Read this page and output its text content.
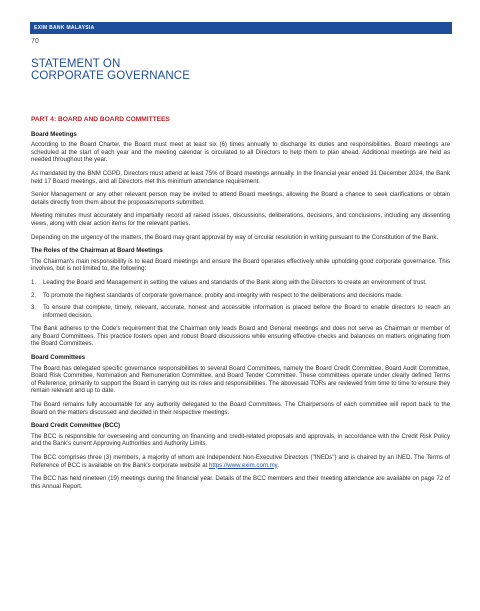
EXIM BANK MALAYSIA
70
STATEMENT ON
CORPORATE GOVERNANCE
PART 4: BOARD AND BOARD COMMITTEES
Board Meetings

According to the Board Charter, the Board must meet at least six (6) times annually to discharge its duties and responsibilities. Board meetings are scheduled at the start of each year and the meeting calendar is circulated to all Directors to help them to plan ahead. Additional meetings are held as needed throughout the year.

As mandated by the BNM CGPD, Directors must attend at least 75% of Board meetings annually. In the financial year ended 31 December 2024, the Bank held 17 Board meetings, and all Directors met this minimum attendance requirement.

Senior Management or any other relevant person may be invited to attend Board meetings, allowing the Board a chance to seek clarifications or obtain details directly from them about the proposals/reports submitted.

Meeting minutes must accurately and impartially record all raised issues, discussions, deliberations, decisions, and conclusions, including any dissenting views, along with clear action items for the relevant parties.

Depending on the urgency of the matters, the Board may grant approval by way of circular resolution in writing pursuant to the Constitution of the Bank.

The Roles of the Chairman at Board Meetings

The Chairman's main responsibility is to lead Board meetings and ensure the Board operates effectively while upholding good corporate governance. This involves, but is not limited to, the following:

1.	Leading the Board and Management in setting the values and standards of the Bank along with the Directors to create an environment of trust.
2.	To promote the highest standards of corporate governance, probity and integrity with respect to the deliberations and decisions made.
3.	To ensure that complete, timely, relevant, accurate, honest and accessible information is placed before the Board to enable directors to reach an informed decision.

The Bank adheres to the Code's requirement that the Chairman only leads Board and General meetings and does not serve as Chairman or member of any Board Committees. This practice fosters open and robust Board discussions while ensuring effective checks and balances on matters originating from the Board Committees.

Board Committees

The Board has delegated specific governance responsibilities to several Board Committees, namely the Board Credit Committee, Board Audit Committee, Board Risk Committee, Nomination and Remuneration Committee, and Board Tender Committee. These committees operate under clearly defined Terms of Reference, primarily to support the Board in carrying out its roles and responsibilities. The abovesaid TORs are reviewed from time to time to ensure they remain relevant and up to date.

The Board remains fully accountable for any authority delegated to the Board Committees. The Chairpersons of each committee will report back to the Board on the matters discussed and decided in their respective meetings.

Board Credit Committee (BCC)

The BCC is responsible for overseeing and concurring on financing and credit-related proposals and approvals, in accordance with the Credit Risk Policy and the Bank's current Approving Authorities and Authority Limits.

The BCC comprises three (3) members, a majority of whom are Independent Non-Executive Directors ("INEDs") and is chaired by an INED. The Terms of Reference of BCC is available on the Bank's corporate website at https://www.exim.com.my.

The BCC has held nineteen (19) meetings during the financial year. Details of the BCC members and their meeting attendance are available on page 72 of this Annual Report.
